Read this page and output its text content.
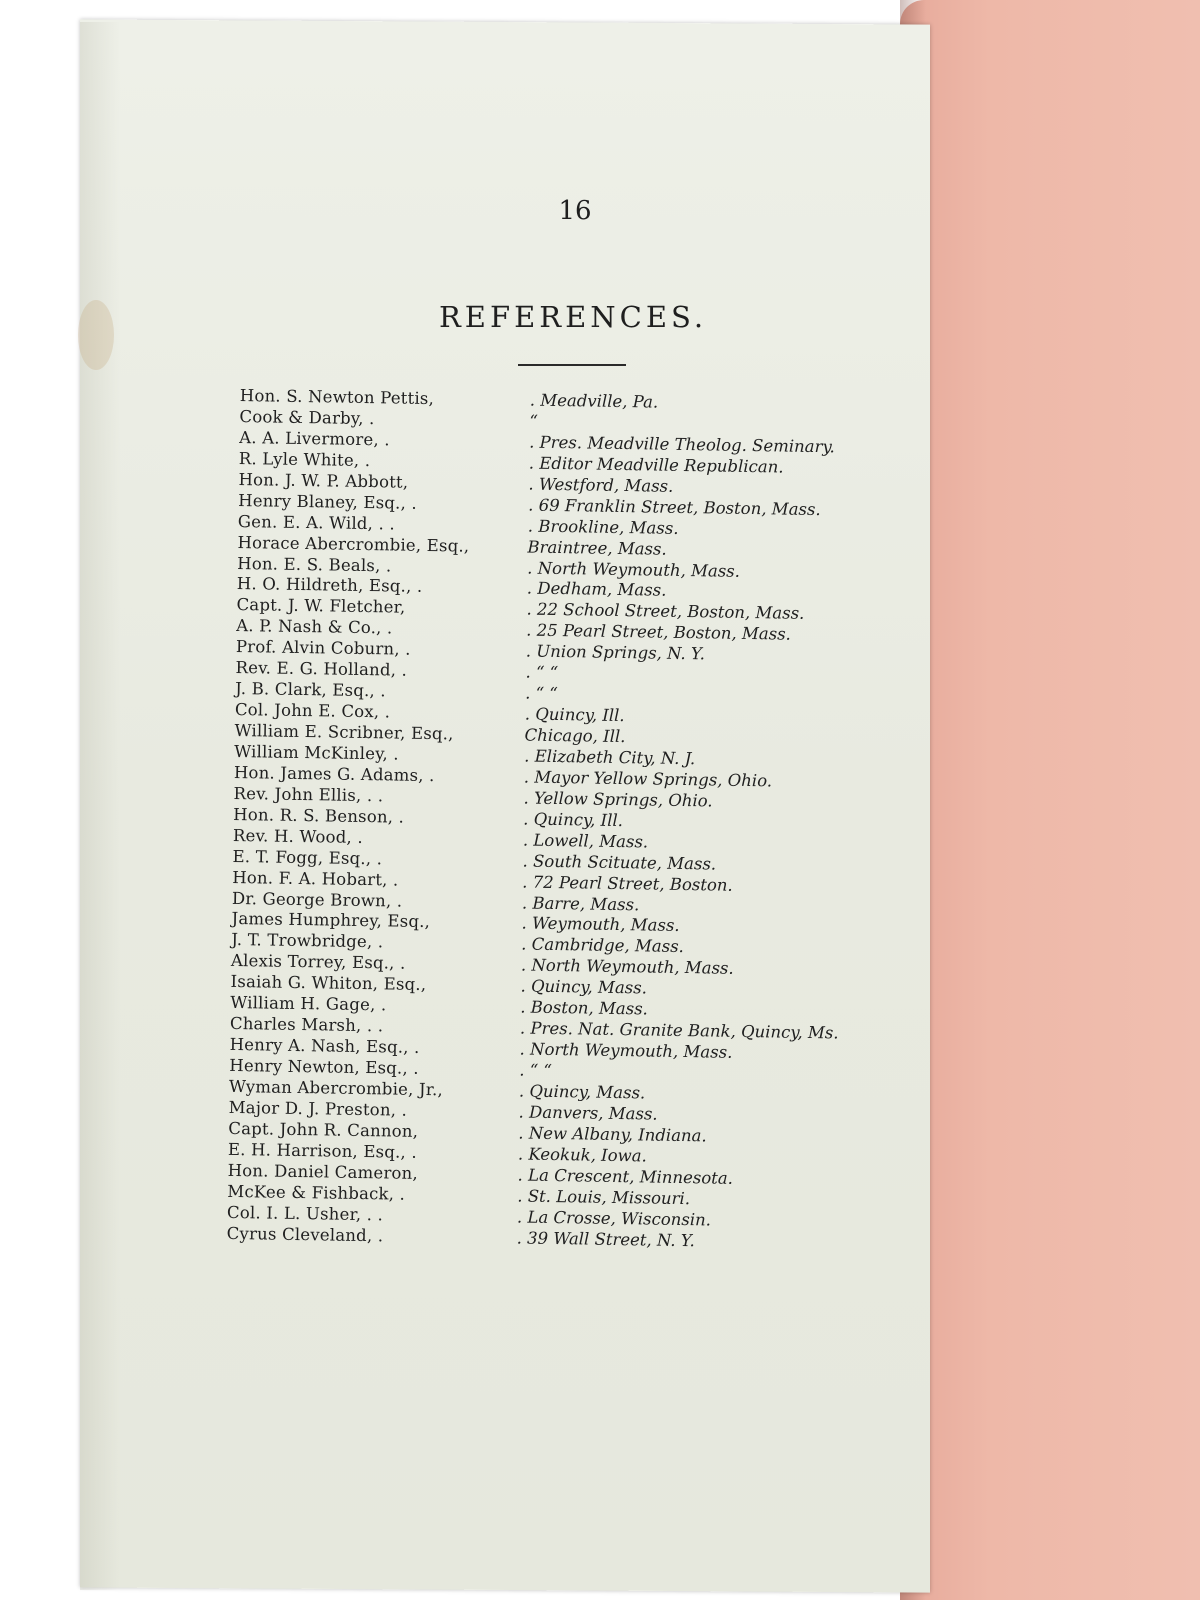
16
REFERENCES.
Hon. S. Newton Pettis,	. Meadville, Pa.
Cook & Darby, .	“
A. A. Livermore, .	. Pres. Meadville Theolog. Seminary.
R. Lyle White, .	. Editor Meadville Republican.
Hon. J. W. P. Abbott,	. Westford, Mass.
Henry Blaney, Esq., .	. 69 Franklin Street, Boston, Mass.
Gen. E. A. Wild, . .	. Brookline, Mass.
Horace Abercrombie, Esq.,	Braintree, Mass.
Hon. E. S. Beals, .	. North Weymouth, Mass.
H. O. Hildreth, Esq., .	. Dedham, Mass.
Capt. J. W. Fletcher,	. 22 School Street, Boston, Mass.
A. P. Nash & Co., .	. 25 Pearl Street, Boston, Mass.
Prof. Alvin Coburn, .	. Union Springs, N. Y.
Rev. E. G. Holland, .	. “ “
J. B. Clark, Esq., .	. “ “
Col. John E. Cox, .	. Quincy, Ill.
William E. Scribner, Esq.,	Chicago, Ill.
William McKinley, .	. Elizabeth City, N. J.
Hon. James G. Adams, .	. Mayor Yellow Springs, Ohio.
Rev. John Ellis, . .	. Yellow Springs, Ohio.
Hon. R. S. Benson, .	. Quincy, Ill.
Rev. H. Wood, .	. Lowell, Mass.
E. T. Fogg, Esq., .	. South Scituate, Mass.
Hon. F. A. Hobart, .	. 72 Pearl Street, Boston.
Dr. George Brown, .	. Barre, Mass.
James Humphrey, Esq.,	. Weymouth, Mass.
J. T. Trowbridge, .	. Cambridge, Mass.
Alexis Torrey, Esq., .	. North Weymouth, Mass.
Isaiah G. Whiton, Esq.,	. Quincy, Mass.
William H. Gage, .	. Boston, Mass.
Charles Marsh, . .	. Pres. Nat. Granite Bank, Quincy, Ms.
Henry A. Nash, Esq., .	. North Weymouth, Mass.
Henry Newton, Esq., .	. “ “
Wyman Abercrombie, Jr.,	. Quincy, Mass.
Major D. J. Preston, .	. Danvers, Mass.
Capt. John R. Cannon,	. New Albany, Indiana.
E. H. Harrison, Esq., .	. Keokuk, Iowa.
Hon. Daniel Cameron,	. La Crescent, Minnesota.
McKee & Fishback, .	. St. Louis, Missouri.
Col. I. L. Usher, . .	. La Crosse, Wisconsin.
Cyrus Cleveland, .	. 39 Wall Street, N. Y.
